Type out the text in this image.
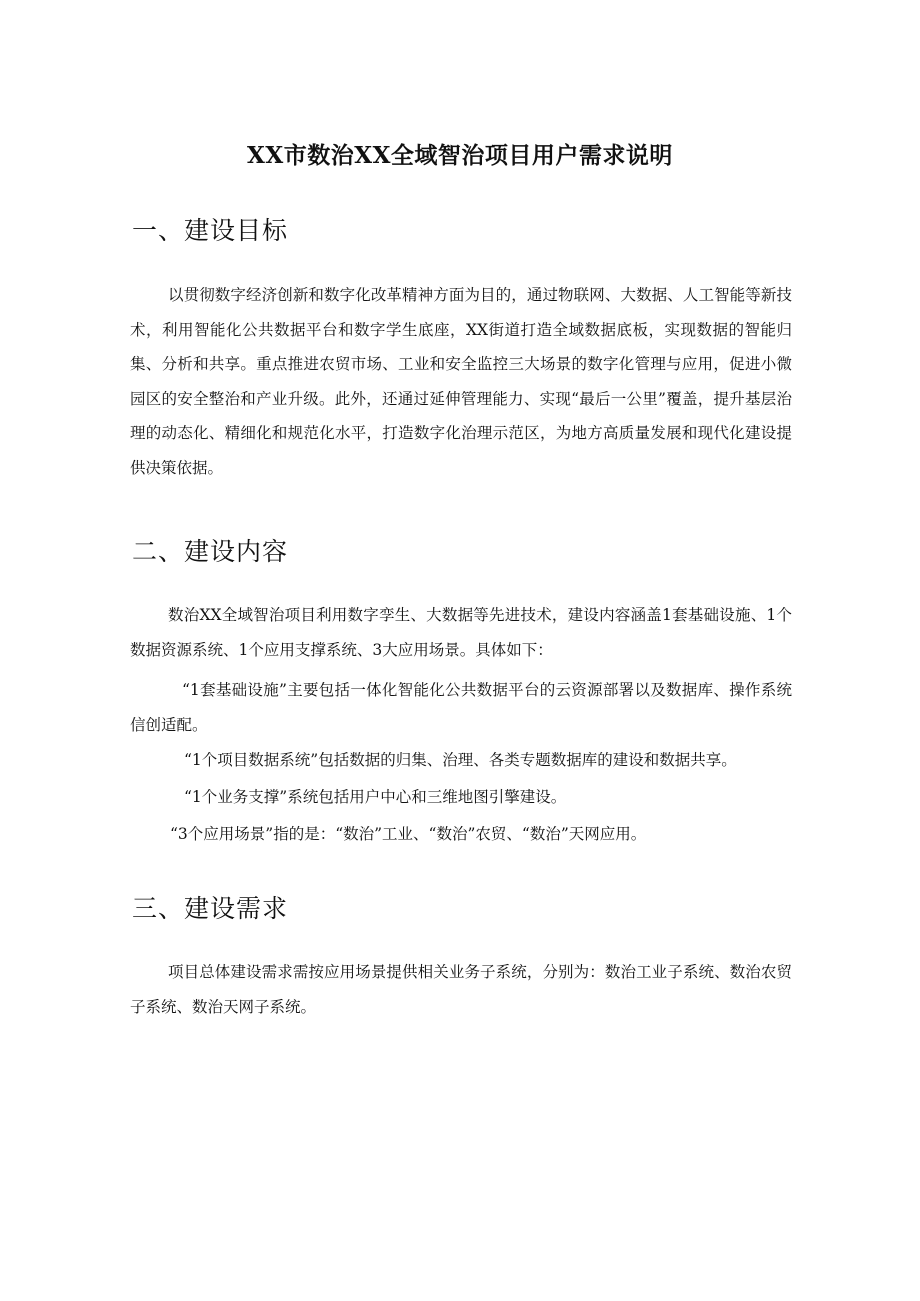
XX市数治XX全域智治项目用户需求说明
一、建设目标
以贯彻数字经济创新和数字化改革精神方面为目的，通过物联网、大数据、人工智能等新技术，利用智能化公共数据平台和数字学生底座，XX街道打造全域数据底板，实现数据的智能归集、分析和共享。重点推进农贸市场、工业和安全监控三大场景的数字化管理与应用，促进小微园区的安全整治和产业升级。此外，还通过延伸管理能力、实现“最后一公里”覆盖，提升基层治理的动态化、精细化和规范化水平，打造数字化治理示范区，为地方高质量发展和现代化建设提供决策依据。
二、建设内容
数治XX全域智治项目利用数字孪生、大数据等先进技术，建设内容涵盖1套基础设施、1个数据资源系统、1个应用支撑系统、3大应用场景。具体如下：
“1套基础设施”主要包括一体化智能化公共数据平台的云资源部署以及数据库、操作系统信创适配。
“1个项目数据系统”包括数据的归集、治理、各类专题数据库的建设和数据共享。
“1个业务支撑”系统包括用户中心和三维地图引擎建设。
“3个应用场景”指的是：“数治”工业、“数治”农贸、“数治”天网应用。
三、建设需求
项目总体建设需求需按应用场景提供相关业务子系统，分别为：数治工业子系统、数治农贸子系统、数治天网子系统。
